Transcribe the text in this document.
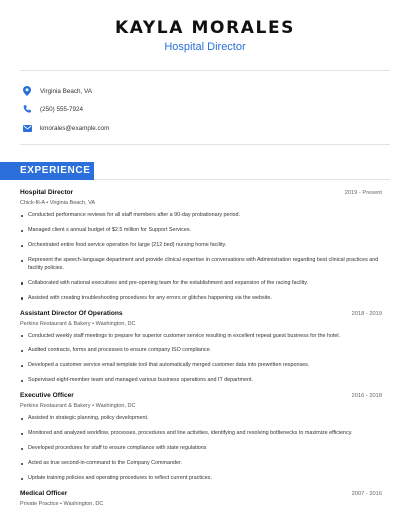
KAYLA MORALES
Hospital Director
Virginia Beach, VA
(250) 555-7924
kmorales@example.com
EXPERIENCE
Hospital Director	2019 - Present
Chick-fil-A • Virginia Beach, VA
Conducted performance reviews for all staff members after a 90-day probationary period.
Managed client s annual budget of $2.5 million for Support Services.
Orchestrated entire food service operation for large (212 bed) nursing home facility.
Represent the speech-language department and provide clinical expertise in conversations with Administration regarding best clinical practices and facility policies.
Collaborated with national executives and pre-opening team for the establishment and expansion of the racing facility.
Assisted with creating troubleshooting procedures for any errors or glitches happening via the website.
Assistant Director Of Operations	2018 - 2019
Perkins Restaurant & Bakery • Washington, DC
Conducted weekly staff meetings to prepare for superior customer service resulting in excellent repeat guest business for the hotel.
Audited contracts, forms and processes to ensure company ISO compliance.
Developed a customer service email template tool that automatically merged customer data into prewritten responses.
Supervised eight-member team and managed various business operations and IT department.
Executive Officer	2016 - 2018
Perkins Restaurant & Bakery • Washington, DC
Assisted in strategic planning, policy development.
Monitored and analyzed workflow, processes, procedures and line activities, identifying and resolving bottlenecks to maximize efficiency.
Developed procedures for staff to ensure compliance with state regulations
Acted as true second-in-command to the Company Commander.
Update training policies and operating procedures to reflect current practices.
Medical Officer	2007 - 2016
Private Practice • Washington, DC
